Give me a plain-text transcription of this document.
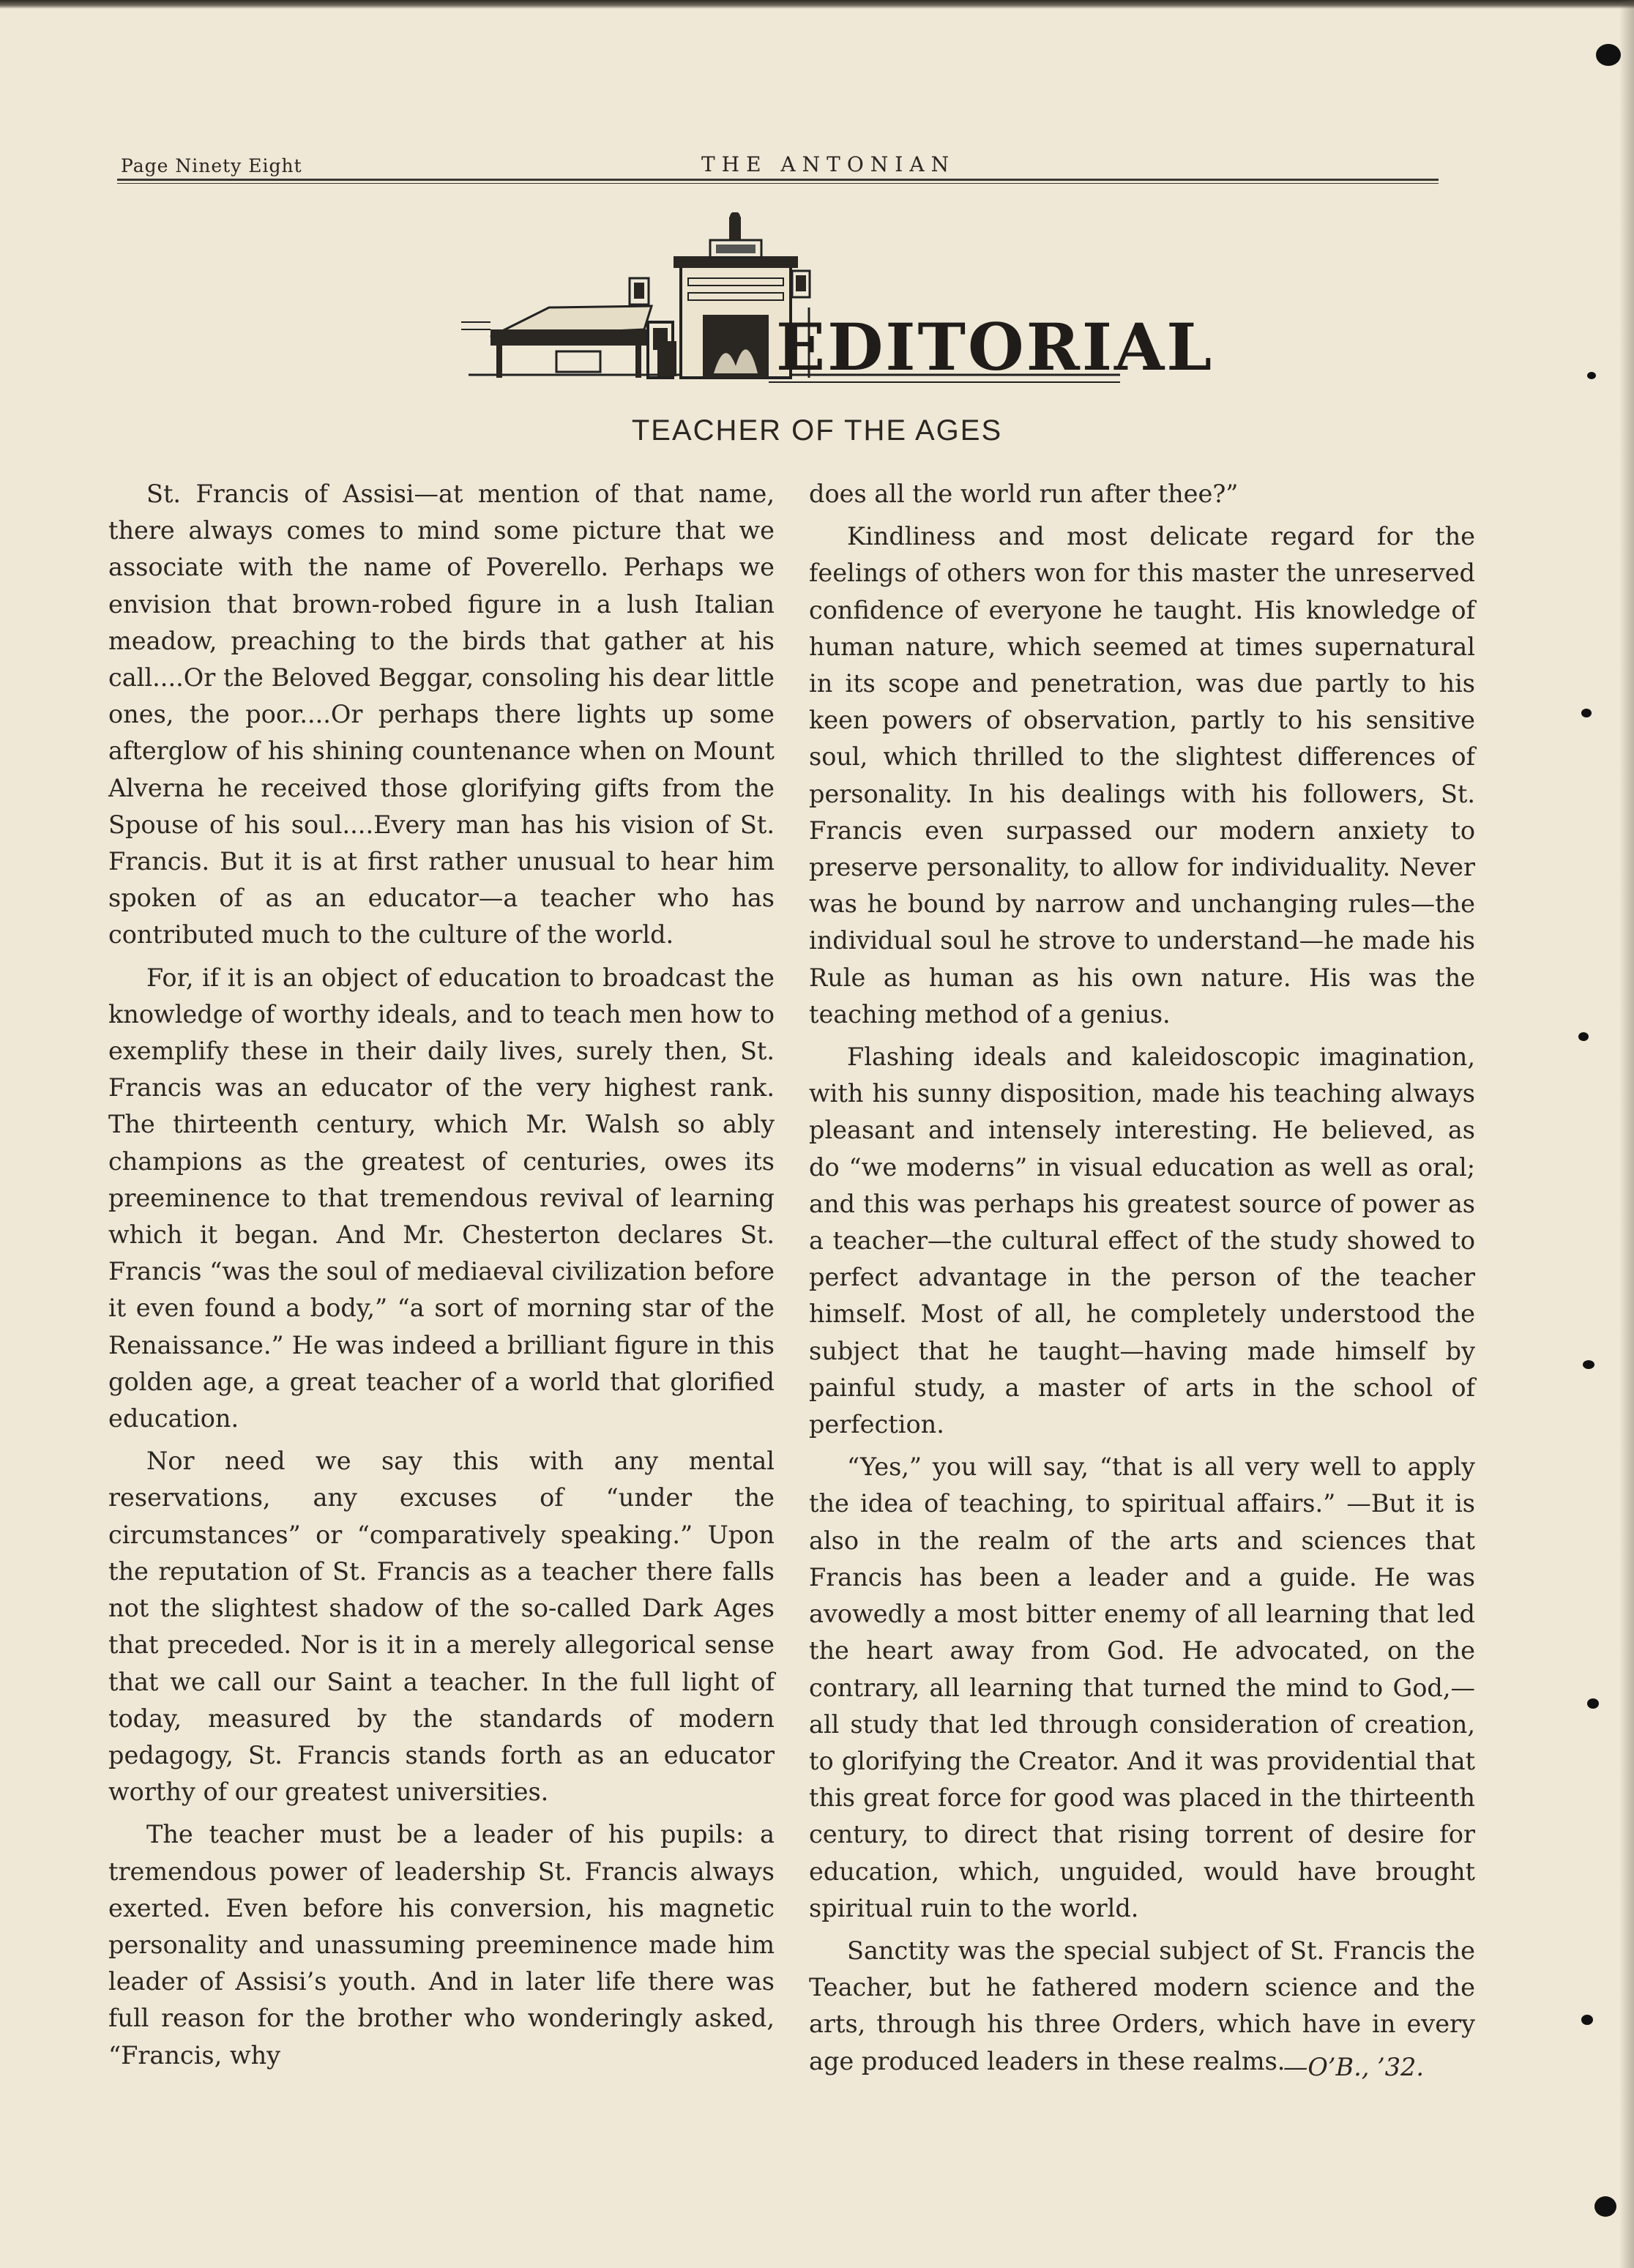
Page Ninety Eight	THE ANTONIAN
EDITORIAL
TEACHER OF THE AGES

St. Francis of Assisi—at mention of that name, there always comes to mind some picture that we associate with the name of Poverello. Perhaps we envision that brown-robed figure in a lush Italian meadow, preaching to the birds that gather at his call....Or the Beloved Beggar, consoling his dear little ones, the poor....Or perhaps there lights up some afterglow of his shining countenance when on Mount Alverna he received those glorifying gifts from the Spouse of his soul....Every man has his vision of St. Francis. But it is at first rather unusual to hear him spoken of as an educator—a teacher who has contributed much to the culture of the world.

For, if it is an object of education to broadcast the knowledge of worthy ideals, and to teach men how to exemplify these in their daily lives, surely then, St. Francis was an educator of the very highest rank. The thirteenth century, which Mr. Walsh so ably champions as the greatest of centuries, owes its preeminence to that tremendous revival of learning which it began. And Mr. Chesterton declares St. Francis “was the soul of mediaeval civilization before it even found a body,” “a sort of morning star of the Renaissance.” He was indeed a brilliant figure in this golden age, a great teacher of a world that glorified education.

Nor need we say this with any mental reservations, any excuses of “under the circumstances” or “comparatively speaking.” Upon the reputation of St. Francis as a teacher there falls not the slightest shadow of the so-called Dark Ages that preceded. Nor is it in a merely allegorical sense that we call our Saint a teacher. In the full light of today, measured by the standards of modern pedagogy, St. Francis stands forth as an educator worthy of our greatest universities.

The teacher must be a leader of his pupils: a tremendous power of leadership St. Francis always exerted. Even before his conversion, his magnetic personality and unassuming preeminence made him leader of Assisi’s youth. And in later life there was full reason for the brother who wonderingly asked, “Francis, why

does all the world run after thee?”

Kindliness and most delicate regard for the feelings of others won for this master the unreserved confidence of everyone he taught. His knowledge of human nature, which seemed at times supernatural in its scope and penetration, was due partly to his keen powers of observation, partly to his sensitive soul, which thrilled to the slightest differences of personality. In his dealings with his followers, St. Francis even surpassed our modern anxiety to preserve personality, to allow for individuality. Never was he bound by narrow and unchanging rules—the individual soul he strove to understand—he made his Rule as human as his own nature. His was the teaching method of a genius.

Flashing ideals and kaleidoscopic imagination, with his sunny disposition, made his teaching always pleasant and intensely interesting. He believed, as do “we moderns” in visual education as well as oral; and this was perhaps his greatest source of power as a teacher—the cultural effect of the study showed to perfect advantage in the person of the teacher himself. Most of all, he completely understood the subject that he taught—having made himself by painful study, a master of arts in the school of perfection.

“Yes,” you will say, “that is all very well to apply the idea of teaching, to spiritual affairs.” —But it is also in the realm of the arts and sciences that Francis has been a leader and a guide. He was avowedly a most bitter enemy of all learning that led the heart away from God. He advocated, on the contrary, all learning that turned the mind to God,—all study that led through consideration of creation, to glorifying the Creator. And it was providential that this great force for good was placed in the thirteenth century, to direct that rising torrent of desire for education, which, unguided, would have brought spiritual ruin to the world.

Sanctity was the special subject of St. Francis the Teacher, but he fathered modern science and the arts, through his three Orders, which have in every age produced leaders in these realms.

—O’B., ’32.
